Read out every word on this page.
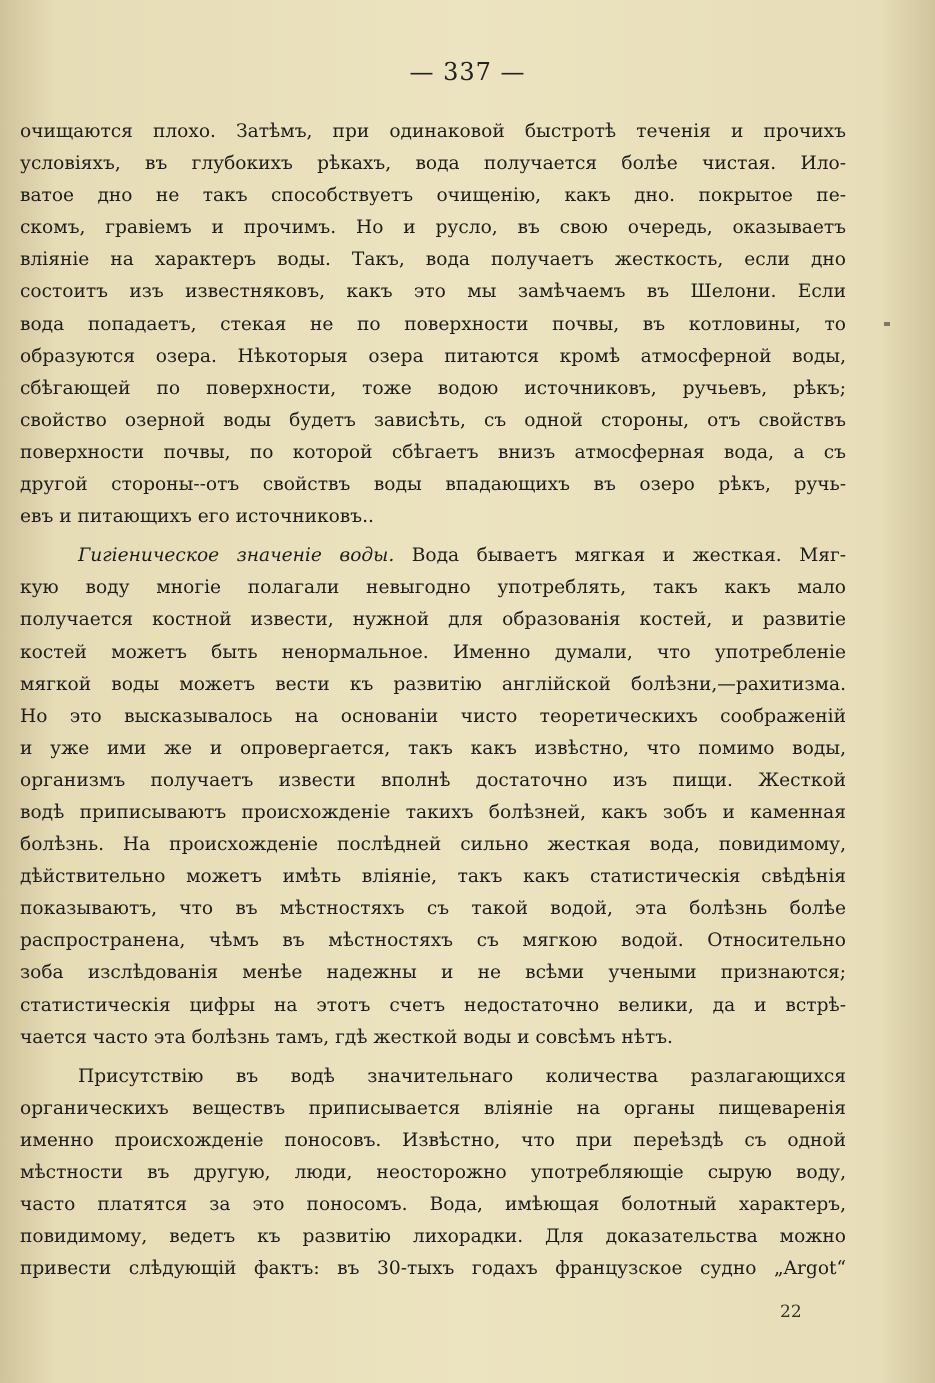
— 337 —
очищаются плохо. Затѣмъ, при одинаковой быстротѣ теченія и прочихъ
условіяхъ, въ глубокихъ рѣкахъ, вода получается болѣе чистая. Ило-
ватое дно не такъ способствуетъ очищенію, какъ дно. покрытое пе-
скомъ, гравіемъ и прочимъ. Но и русло, въ свою очередь, оказываетъ
вліяніе на характеръ воды. Такъ, вода получаетъ жесткость, если дно
состоитъ изъ известняковъ, какъ это мы замѣчаемъ въ Шелони. Если
вода попадаетъ, стекая не по поверхности почвы, въ котловины, то
образуются озера. Нѣкоторыя озера питаются кромѣ атмосферной воды,
сбѣгающей по поверхности, тоже водою источниковъ, ручьевъ, рѣкъ;
свойство озерной воды будетъ зависѣть, съ одной стороны, отъ свойствъ
поверхности почвы, по которой сбѣгаетъ внизъ атмосферная вода, а съ
другой стороны--отъ свойствъ воды впадающихъ въ озеро рѣкъ, ручь-
евъ и питающихъ его источниковъ..
Гигіеническое значеніе воды. Вода бываетъ мягкая и жесткая. Мяг-
кую воду многіе полагали невыгодно употреблять, такъ какъ мало
получается костной извести, нужной для образованія костей, и развитіе
костей можетъ быть ненормальное. Именно думали, что употребленіе
мягкой воды можетъ вести къ развитію англійской болѣзни,—рахитизма.
Но это высказывалось на основаніи чисто теоретическихъ соображеній
и уже ими же и опровергается, такъ какъ извѣстно, что помимо воды,
организмъ получаетъ извести вполнѣ достаточно изъ пищи. Жесткой
водѣ приписываютъ происхожденіе такихъ болѣзней, какъ зобъ и каменная
болѣзнь. На происхожденіе послѣдней сильно жесткая вода, повидимому,
дѣйствительно можетъ имѣть вліяніе, такъ какъ статистическія свѣдѣнія
показываютъ, что въ мѣстностяхъ съ такой водой, эта болѣзнь болѣе
распространена, чѣмъ въ мѣстностяхъ съ мягкою водой. Относительно
зоба изслѣдованія менѣе надежны и не всѣми учеными признаются;
статистическія цифры на этотъ счетъ недостаточно велики, да и встрѣ-
чается часто эта болѣзнь тамъ, гдѣ жесткой воды и совсѣмъ нѣтъ.
Присутствію въ водѣ значительнаго количества разлагающихся
органическихъ веществъ приписывается вліяніе на органы пищеваренія
именно происхожденіе поносовъ. Извѣстно, что при переѣздѣ съ одной
мѣстности въ другую, люди, неосторожно употребляющіе сырую воду,
часто платятся за это поносомъ. Вода, имѣющая болотный характеръ,
повидимому, ведетъ къ развитію лихорадки. Для доказательства можно
привести слѣдующій фактъ: въ 30-тыхъ годахъ французское судно „Argot“
22
